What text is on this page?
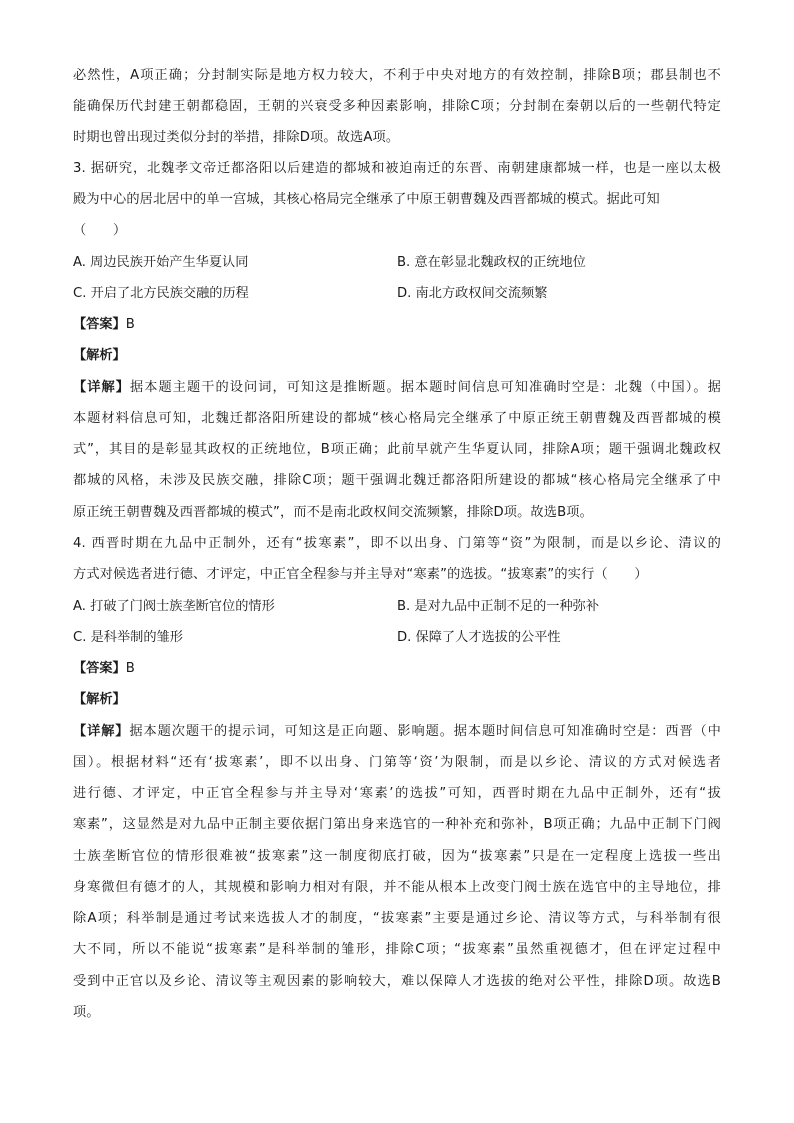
必然性，A项正确；分封制实际是地方权力较大，不利于中央对地方的有效控制，排除B项；郡县制也不
能确保历代封建王朝都稳固，王朝的兴衰受多种因素影响，排除C项；分封制在秦朝以后的一些朝代特定
时期也曾出现过类似分封的举措，排除D项。故选A项。
3. 据研究，北魏孝文帝迁都洛阳以后建造的都城和被迫南迁的东晋、南朝建康都城一样，也是一座以太极
殿为中心的居北居中的单一宫城，其核心格局完全继承了中原王朝曹魏及西晋都城的模式。据此可知
（　　）
A. 周边民族开始产生华夏认同	B. 意在彰显北魏政权的正统地位
C. 开启了北方民族交融的历程	D. 南北方政权间交流频繁
【答案】B
【解析】
【详解】据本题主题干的设问词，可知这是推断题。据本题时间信息可知准确时空是：北魏（中国）。据
本题材料信息可知，北魏迁都洛阳所建设的都城“核心格局完全继承了中原正统王朝曹魏及西晋都城的模
式”，其目的是彰显其政权的正统地位，B项正确；此前早就产生华夏认同，排除A项；题干强调北魏政权
都城的风格，未涉及民族交融，排除C项；题干强调北魏迁都洛阳所建设的都城“核心格局完全继承了中
原正统王朝曹魏及西晋都城的模式”，而不是南北政权间交流频繁，排除D项。故选B项。
4. 西晋时期在九品中正制外，还有“拔寒素”，即不以出身、门第等“资”为限制，而是以乡论、清议的
方式对候选者进行德、才评定，中正官全程参与并主导对“寒素”的选拔。“拔寒素”的实行（　　）
A. 打破了门阀士族垄断官位的情形	B. 是对九品中正制不足的一种弥补
C. 是科举制的雏形	D. 保障了人才选拔的公平性
【答案】B
【解析】
【详解】据本题次题干的提示词，可知这是正向题、影响题。据本题时间信息可知准确时空是：西晋（中
国）。根据材料“还有‘拔寒素’，即不以出身、门第等‘资’为限制，而是以乡论、清议的方式对候选者
进行德、才评定，中正官全程参与并主导对‘寒素’的选拔”可知，西晋时期在九品中正制外，还有“拔
寒素”，这显然是对九品中正制主要依据门第出身来选官的一种补充和弥补，B项正确；九品中正制下门阀
士族垄断官位的情形很难被“拔寒素”这一制度彻底打破，因为“拔寒素”只是在一定程度上选拔一些出
身寒微但有德才的人，其规模和影响力相对有限，并不能从根本上改变门阀士族在选官中的主导地位，排
除A项；科举制是通过考试来选拔人才的制度，“拔寒素”主要是通过乡论、清议等方式，与科举制有很
大不同，所以不能说“拔寒素”是科举制的雏形，排除C项；“拔寒素”虽然重视德才，但在评定过程中
受到中正官以及乡论、清议等主观因素的影响较大，难以保障人才选拔的绝对公平性，排除D项。故选B
项。
